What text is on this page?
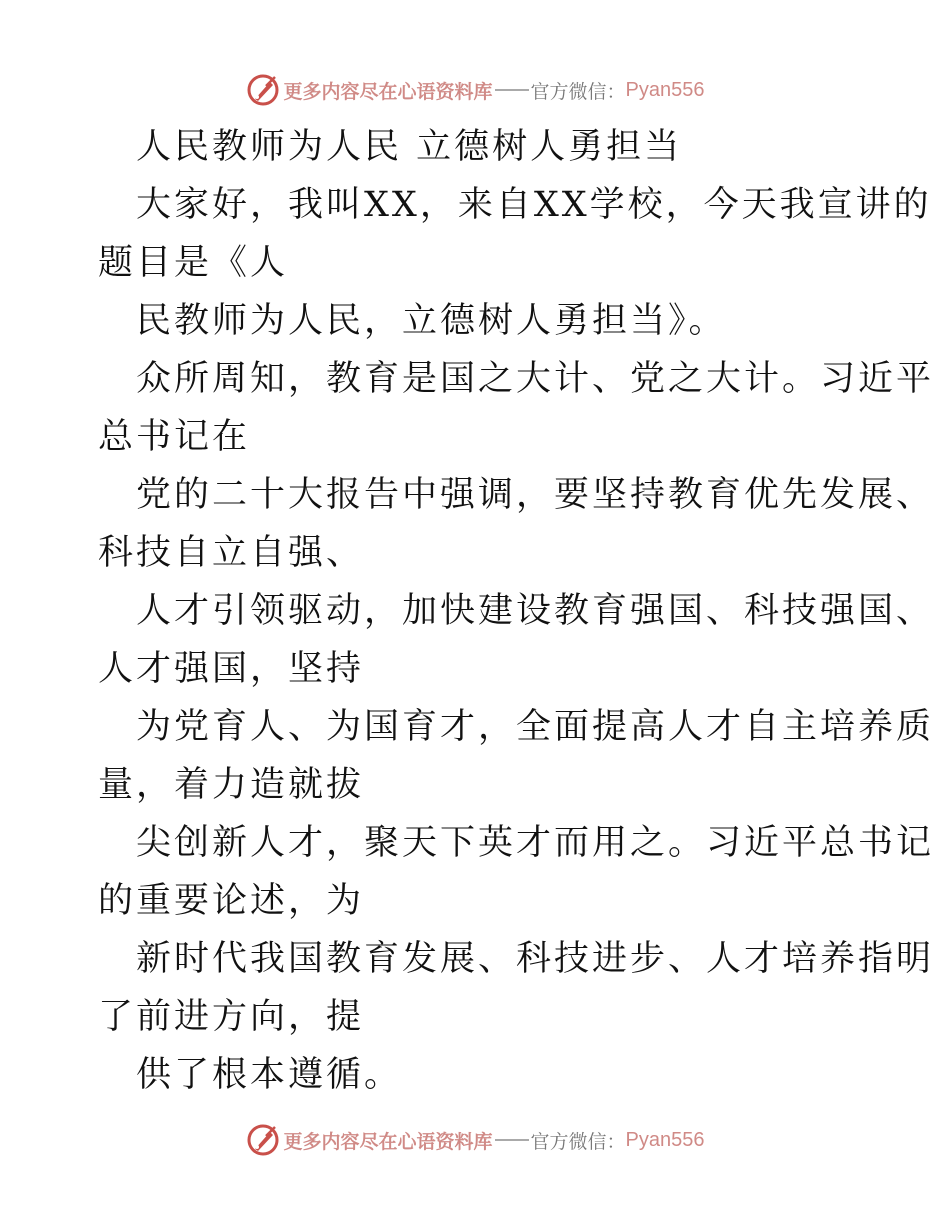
更多内容尽在心语资料库 官方微信： Pyan556
人民教师为人民 立德树人勇担当
大家好，我叫XX，来自XX学校，今天我宣讲的
题目是《人
民教师为人民，立德树人勇担当》。
众所周知，教育是国之大计、党之大计。习近平
总书记在
党的二十大报告中强调，要坚持教育优先发展、
科技自立自强、
人才引领驱动，加快建设教育强国、科技强国、
人才强国，坚持
为党育人、为国育才，全面提高人才自主培养质
量，着力造就拔
尖创新人才，聚天下英才而用之。习近平总书记
的重要论述，为
新时代我国教育发展、科技进步、人才培养指明
了前进方向，提
供了根本遵循。
更多内容尽在心语资料库 官方微信： Pyan556
